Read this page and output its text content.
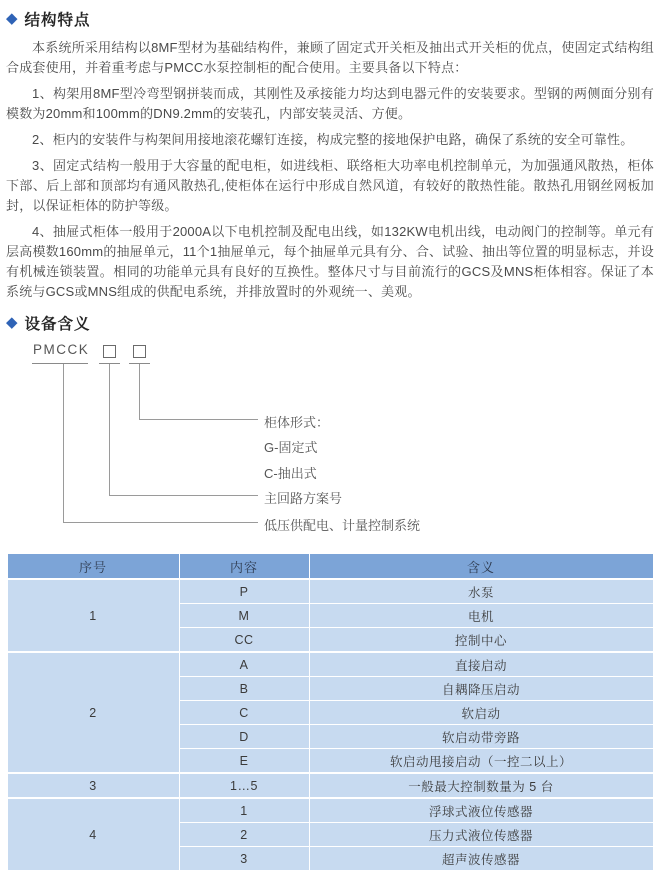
◆ 结构特点

本系统所采用结构以8MF型材为基础结构件，兼顾了固定式开关柜及抽出式开关柜的优点，使固定式结构组合成套使用，并着重考虑与PMCC水泵控制柜的配合使用。主要具备以下特点：

1、构架用8MF型冷弯型钢拼装而成，其刚性及承接能力均达到电器元件的安装要求。型钢的两侧面分别有模数为20mm和100mm的DN9.2mm的安装孔，内部安装灵活、方便。

2、柜内的安装件与构架间用接地滚花螺钉连接，构成完整的接地保护电路，确保了系统的安全可靠性。

3、固定式结构一般用于大容量的配电柜，如进线柜、联络柜大功率电机控制单元，为加强通风散热，柜体下部、后上部和顶部均有通风散热孔,使柜体在运行中形成自然风道，有较好的散热性能。散热孔用钢丝网板加封，以保证柜体的防护等级。

4、抽屉式柜体一般用于2000A以下电机控制及配电出线，如132KW电机出线，电动阀门的控制等。单元有层高模数160mm的抽屉单元，11个1抽屉单元，每个抽屉单元具有分、合、试验、抽出等位置的明显标志，并设有机械连锁装置。相同的功能单元具有良好的互换性。整体尺寸与目前流行的GCS及MNS柜体相容。保证了本系统与GCS或MNS组成的供配电系统，并排放置时的外观统一、美观。

◆ 设备含义
PMCCK
柜体形式：
G-固定式
C-抽出式
主回路方案号
低压供配电、计量控制系统
序号	内容	含义
1	P	水泵
	M	电机
	CC	控制中心
2	A	直接启动
	B	自耦降压启动
	C	软启动
	D	软启动带旁路
	E	软启动甩接启动（一控二以上）
3	1…5	一般最大控制数量为 5 台
4	1	浮球式液位传感器
	2	压力式液位传感器
	3	超声波传感器
